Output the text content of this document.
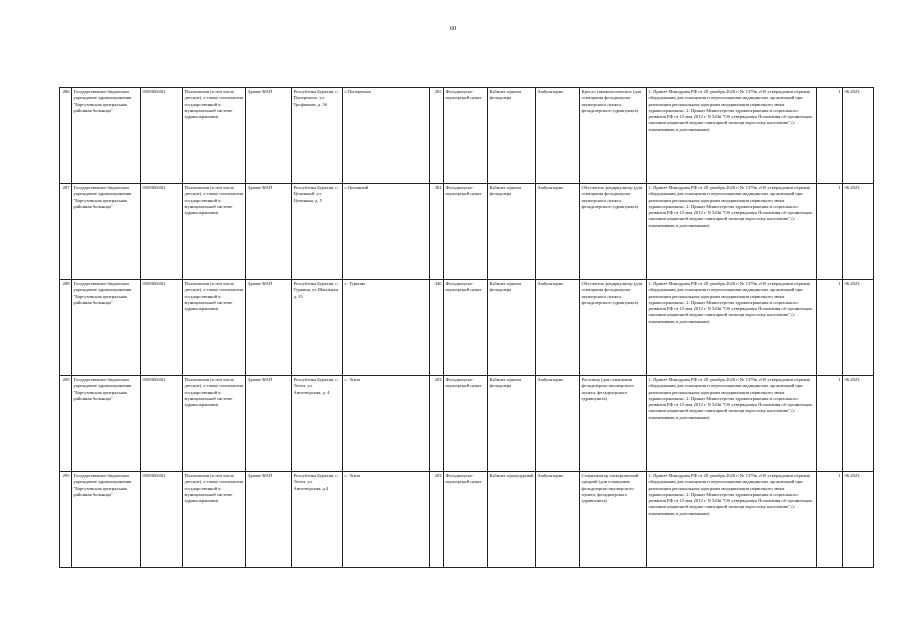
60
286	Государственное бюджетное учреждение здравоохранения "Баргузинская центральная районная больница"	0305002002	Полномочия (в том числе детские), а также полномочия государственной в муниципальной системе здравоохранения.	Здание ФАП	Республика Бурятия, с. Поперечное, ул. Трофимова, д. 5б	с.Поперечное	265	Фельдшерско-акушерский пункт	Кабинет приема фельдшера	Амбулаторно	Кресло гинекологическое (для оснащения фельдшерско-акушерского пункта, фельдшерского здравпункта)	1. Приказ Минздрава РФ от 28 декабря 2020 г. № 1379н «Об утверждении перечня оборудования для оснащения и переоснащения медицинских организаций при реализации региональных программ модернизации первичного звена здравоохранения». 2. Приказ Министерства здравоохранения и социального развития РФ от 15 мая 2012 г. N 543н "Об утверждении Положения об организации оказания первичной медико-санитарной помощи взрослому населению" (с изменениями и дополнениями)	1	06.2023
287	Государственное бюджетное учреждение здравоохранения "Баргузинская центральная районная больница"	0305002002	Полномочия (в том числе детские), а также полномочия государственной в муниципальной системе здравоохранения.	Здание ФАП	Республика Бурятия, с. Целинный, ул. Целинная, д. 5	с.Целинный	381	Фельдшерско-акушерский пункт	Кабинет приема фельдшера	Амбулаторно	Облучатель-рециркулятор (для оснащения фельдшерско-акушерского пункта, фельдшерского здравпункта)	1. Приказ Минздрава РФ от 28 декабря 2020 г. № 1379н «Об утверждении перечня оборудования для оснащения и переоснащения медицинских организаций при реализации региональных программ модернизации первичного звена здравоохранения». 2. Приказ Министерства здравоохранения и социального развития РФ от 15 мая 2012 г. N 543н "Об утверждении Положения об организации оказания первичной медико-санитарной помощи взрослому населению" (с изменениями и дополнениями)	1	06.2023
288	Государственное бюджетное учреждение здравоохранения "Баргузинская центральная районная больница"	0305002002	Полномочия (в том числе детские), а также полномочия государственной в муниципальной системе здравоохранения.	Здание ФАП	Республика Бурятия, с. Туркина, ул.Школьная, д. 15	с. Туркина	440	Фельдшерско-акушерский пункт	Кабинет приема фельдшера	Амбулаторно	Облучатель-рециркулятор (для оснащения фельдшерско-акушерского пункта, фельдшерского здравпункта)	1. Приказ Минздрава РФ от 28 декабря 2020 г. № 1379н «Об утверждении перечня оборудования для оснащения и переоснащения медицинских организаций при реализации региональных программ модернизации первичного звена здравоохранения». 2. Приказ Министерства здравоохранения и социального развития РФ от 15 мая 2012 г. N 543н "Об утверждении Положения об организации оказания первичной медико-санитарной помощи взрослому населению" (с изменениями и дополнениями)	1	06.2023
289	Государственное бюджетное учреждение здравоохранения "Баргузинская центральная районная больница"	0305002002	Полномочия (в том числе детские), а также полномочия государственной в муниципальной системе здравоохранения.	Здание ФАП	Республика Бурятия, с. Эгита, ул. Автотворская, д. 4	с. Эгита	203	Фельдшерско-акушерский пункт	Кабинет приема фельдшера	Амбулаторно	Ростомер (для оснащения фельдшерско-акушерского пункта, фельдшерского здравпункта)	1. Приказ Минздрава РФ от 28 декабря 2020 г. № 1379н «Об утверждении перечня оборудования для оснащения и переоснащения медицинских организаций при реализации региональных программ модернизации первичного звена здравоохранения». 2. Приказ Министерства здравоохранения и социального развития РФ от 15 мая 2012 г. N 543н "Об утверждении Положения об организации оказания первичной медико-санитарной помощи взрослому населению" (с изменениями и дополнениями)	1	06.2023
290	Государственное бюджетное учреждение здравоохранения "Баргузинская центральная районная больница"	0305002002	Полномочия (в том числе детские), а также полномочия государственной в муниципальной системе здравоохранения.	Здание ФАП	Республика Бурятия, с. Эгита, ул. Автотворская, д.4	с. Эгита	203	Фельдшерско-акушерский пункт	Кабинет процедурный	Амбулаторно	Стерилизатор электрический средний (для оснащения фельдшерско-акушерского пункта, фельдшерского здравпункта)	1. Приказ Минздрава РФ от 28 декабря 2020 г. № 1379н «Об утверждении перечня оборудования для оснащения и переоснащения медицинских организаций при реализации региональных программ модернизации первичного звена здравоохранения». 2. Приказ Министерства здравоохранения и социального развития РФ от 15 мая 2012 г. N 543н "Об утверждении Положения об организации оказания первичной медико-санитарной помощи взрослому населению" (с изменениями и дополнениями)	1	06.2023
